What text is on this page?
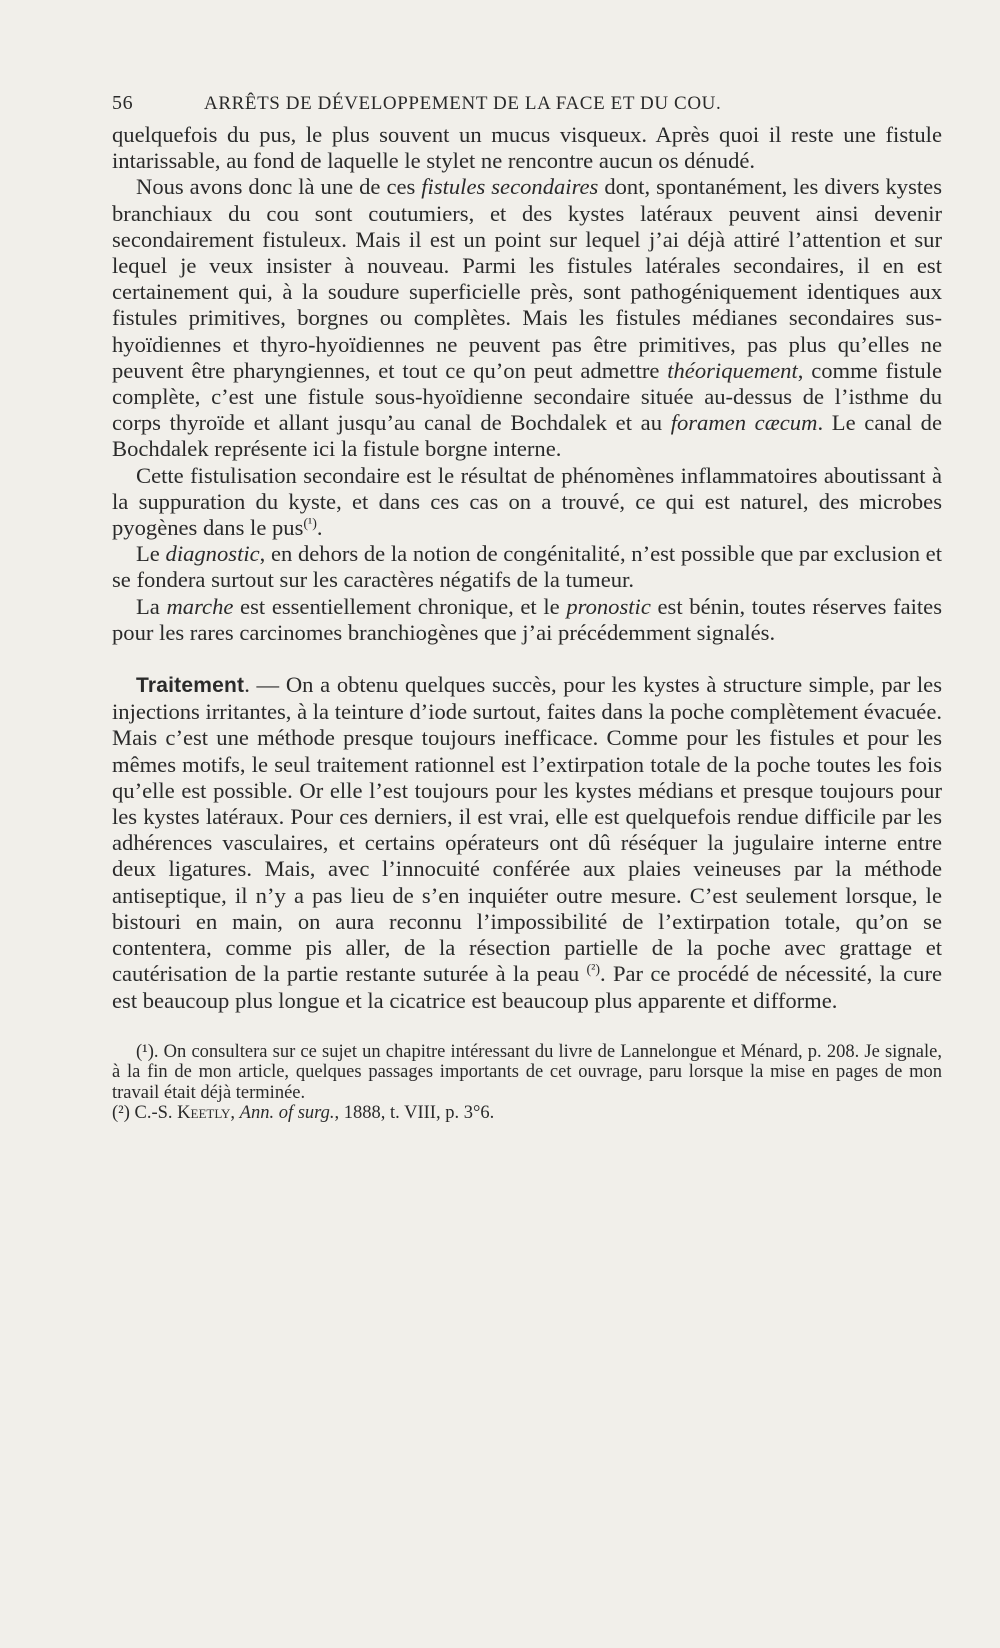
56	ARRÊTS DE DÉVELOPPEMENT DE LA FACE ET DU COU.

quelquefois du pus, le plus souvent un mucus visqueux. Après quoi il reste une fistule intarissable, au fond de laquelle le stylet ne rencontre aucun os dénudé.

Nous avons donc là une de ces fistules secondaires dont, spontanément, les divers kystes branchiaux du cou sont coutumiers, et des kystes latéraux peuvent ainsi devenir secondairement fistuleux. Mais il est un point sur lequel j’ai déjà attiré l’attention et sur lequel je veux insister à nouveau. Parmi les fistules latérales secondaires, il en est certainement qui, à la soudure superficielle près, sont pathogéniquement identiques aux fistules primitives, borgnes ou complètes. Mais les fistules médianes secondaires sus-hyoïdiennes et thyro-hyoïdiennes ne peuvent pas être primitives, pas plus qu’elles ne peuvent être pharyngiennes, et tout ce qu’on peut admettre théoriquement, comme fistule complète, c’est une fistule sous-hyoïdienne secondaire située au-dessus de l’isthme du corps thyroïde et allant jusqu’au canal de Bochdalek et au foramen cæcum. Le canal de Bochdalek représente ici la fistule borgne interne.

Cette fistulisation secondaire est le résultat de phénomènes inflammatoires aboutissant à la suppuration du kyste, et dans ces cas on a trouvé, ce qui est naturel, des microbes pyogènes dans le pus$^{(^1)}$.

Le diagnostic, en dehors de la notion de congénitalité, n’est possible que par exclusion et se fondera surtout sur les caractères négatifs de la tumeur.

La marche est essentiellement chronique, et le pronostic est bénin, toutes réserves faites pour les rares carcinomes branchiogènes que j’ai précédemment signalés.

Traitement. — On a obtenu quelques succès, pour les kystes à structure simple, par les injections irritantes, à la teinture d’iode surtout, faites dans la poche complètement évacuée. Mais c’est une méthode presque toujours inefficace. Comme pour les fistules et pour les mêmes motifs, le seul traitement rationnel est l’extirpation totale de la poche toutes les fois qu’elle est possible. Or elle l’est toujours pour les kystes médians et presque toujours pour les kystes latéraux. Pour ces derniers, il est vrai, elle est quelquefois rendue difficile par les adhérences vasculaires, et certains opérateurs ont dû réséquer la jugulaire interne entre deux ligatures. Mais, avec l’innocuité conférée aux plaies veineuses par la méthode antiseptique, il n’y a pas lieu de s’en inquiéter outre mesure. C’est seulement lorsque, le bistouri en main, on aura reconnu l’impossibilité de l’extirpation totale, qu’on se contentera, comme pis aller, de la résection partielle de la poche avec grattage et cautérisation de la partie restante suturée à la peau $^{(^2)}$. Par ce procédé de nécessité, la cure est beaucoup plus longue et la cicatrice est beaucoup plus apparente et difforme.

(¹). On consultera sur ce sujet un chapitre intéressant du livre de Lannelongue et Ménard, p. 208. Je signale, à la fin de mon article, quelques passages importants de cet ouvrage, paru lorsque la mise en pages de mon travail était déjà terminée.

(²) C.-S. Keetly, Ann. of surg., 1888, t. VIII, p. 3°6.
